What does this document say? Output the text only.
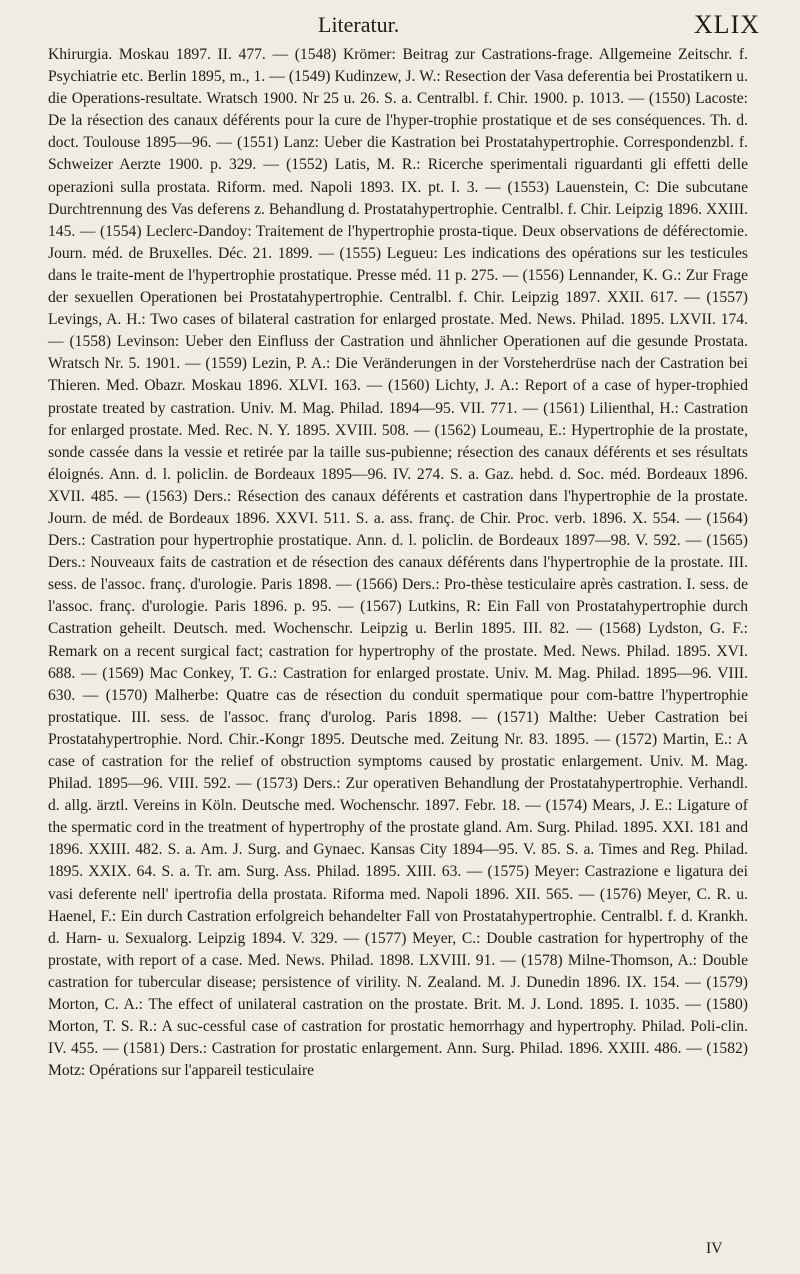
Literatur.	XLIX

Khirurgia. Moskau 1897. II. 477. — (1548) Krömer: Beitrag zur Castrations-frage. Allgemeine Zeitschr. f. Psychiatrie etc. Berlin 1895, m., 1. — (1549) Kudinzew, J. W.: Resection der Vasa deferentia bei Prostatikern u. die Operations-resultate. Wratsch 1900. Nr 25 u. 26. S. a. Centralbl. f. Chir. 1900. p. 1013. — (1550) Lacoste: De la résection des canaux déférents pour la cure de l'hyper-trophie prostatique et de ses conséquences. Th. d. doct. Toulouse 1895—96. — (1551) Lanz: Ueber die Kastration bei Prostatahypertrophie. Correspondenzbl. f. Schweizer Aerzte 1900. p. 329. — (1552) Latis, M. R.: Ricerche sperimentali riguardanti gli effetti delle operazioni sulla prostata. Riform. med. Napoli 1893. IX. pt. I. 3. — (1553) Lauenstein, C: Die subcutane Durchtrennung des Vas deferens z. Behandlung d. Prostatahypertrophie. Centralbl. f. Chir. Leipzig 1896. XXIII. 145. — (1554) Leclerc-Dandoy: Traitement de l'hypertrophie prosta-tique. Deux observations de déférectomie. Journ. méd. de Bruxelles. Déc. 21. 1899. — (1555) Legueu: Les indications des opérations sur les testicules dans le traite-ment de l'hypertrophie prostatique. Presse méd. 11 p. 275. — (1556) Lennander, K. G.: Zur Frage der sexuellen Operationen bei Prostatahypertrophie. Centralbl. f. Chir. Leipzig 1897. XXII. 617. — (1557) Levings, A. H.: Two cases of bilateral castration for enlarged prostate. Med. News. Philad. 1895. LXVII. 174. — (1558) Levinson: Ueber den Einfluss der Castration und ähnlicher Operationen auf die gesunde Prostata. Wratsch Nr. 5. 1901. — (1559) Lezin, P. A.: Die Veränderungen in der Vorsteherdrüse nach der Castration bei Thieren. Med. Obazr. Moskau 1896. XLVI. 163. — (1560) Lichty, J. A.: Report of a case of hyper-trophied prostate treated by castration. Univ. M. Mag. Philad. 1894—95. VII. 771. — (1561) Lilienthal, H.: Castration for enlarged prostate. Med. Rec. N. Y. 1895. XVIII. 508. — (1562) Loumeau, E.: Hypertrophie de la prostate, sonde cassée dans la vessie et retirée par la taille sus-pubienne; résection des canaux déférents et ses résultats éloignés. Ann. d. l. policlin. de Bordeaux 1895—96. IV. 274. S. a. Gaz. hebd. d. Soc. méd. Bordeaux 1896. XVII. 485. — (1563) Ders.: Résection des canaux déférents et castration dans l'hypertrophie de la prostate. Journ. de méd. de Bordeaux 1896. XXVI. 511. S. a. ass. franç. de Chir. Proc. verb. 1896. X. 554. — (1564) Ders.: Castration pour hypertrophie prostatique. Ann. d. l. policlin. de Bordeaux 1897—98. V. 592. — (1565) Ders.: Nouveaux faits de castration et de résection des canaux déférents dans l'hypertrophie de la prostate. III. sess. de l'assoc. franç. d'urologie. Paris 1898. — (1566) Ders.: Pro-thèse testiculaire après castration. I. sess. de l'assoc. franç. d'urologie. Paris 1896. p. 95. — (1567) Lutkins, R: Ein Fall von Prostatahypertrophie durch Castration geheilt. Deutsch. med. Wochenschr. Leipzig u. Berlin 1895. III. 82. — (1568) Lydston, G. F.: Remark on a recent surgical fact; castration for hypertrophy of the prostate. Med. News. Philad. 1895. XVI. 688. — (1569) Mac Conkey, T. G.: Castration for enlarged prostate. Univ. M. Mag. Philad. 1895—96. VIII. 630. — (1570) Malherbe: Quatre cas de résection du conduit spermatique pour com-battre l'hypertrophie prostatique. III. sess. de l'assoc. franç d'urolog. Paris 1898. — (1571) Malthe: Ueber Castration bei Prostatahypertrophie. Nord. Chir.-Kongr 1895. Deutsche med. Zeitung Nr. 83. 1895. — (1572) Martin, E.: A case of castration for the relief of obstruction symptoms caused by prostatic enlargement. Univ. M. Mag. Philad. 1895—96. VIII. 592. — (1573) Ders.: Zur operativen Behandlung der Prostatahypertrophie. Verhandl. d. allg. ärztl. Vereins in Köln. Deutsche med. Wochenschr. 1897. Febr. 18. — (1574) Mears, J. E.: Ligature of the spermatic cord in the treatment of hypertrophy of the prostate gland. Am. Surg. Philad. 1895. XXI. 181 and 1896. XXIII. 482. S. a. Am. J. Surg. and Gynaec. Kansas City 1894—95. V. 85. S. a. Times and Reg. Philad. 1895. XXIX. 64. S. a. Tr. am. Surg. Ass. Philad. 1895. XIII. 63. — (1575) Meyer: Castrazione e ligatura dei vasi deferente nell' ipertrofia della prostata. Riforma med. Napoli 1896. XII. 565. — (1576) Meyer, C. R. u. Haenel, F.: Ein durch Castration erfolgreich behandelter Fall von Prostatahypertrophie. Centralbl. f. d. Krankh. d. Harn- u. Sexualorg. Leipzig 1894. V. 329. — (1577) Meyer, C.: Double castration for hypertrophy of the prostate, with report of a case. Med. News. Philad. 1898. LXVIII. 91. — (1578) Milne-Thomson, A.: Double castration for tubercular disease; persistence of virility. N. Zealand. M. J. Dunedin 1896. IX. 154. — (1579) Morton, C. A.: The effect of unilateral castration on the prostate. Brit. M. J. Lond. 1895. I. 1035. — (1580) Morton, T. S. R.: A suc-cessful case of castration for prostatic hemorrhagy and hypertrophy. Philad. Poli-clin. IV. 455. — (1581) Ders.: Castration for prostatic enlargement. Ann. Surg. Philad. 1896. XXIII. 486. — (1582) Motz: Opérations sur l'appareil testiculaire

IV
